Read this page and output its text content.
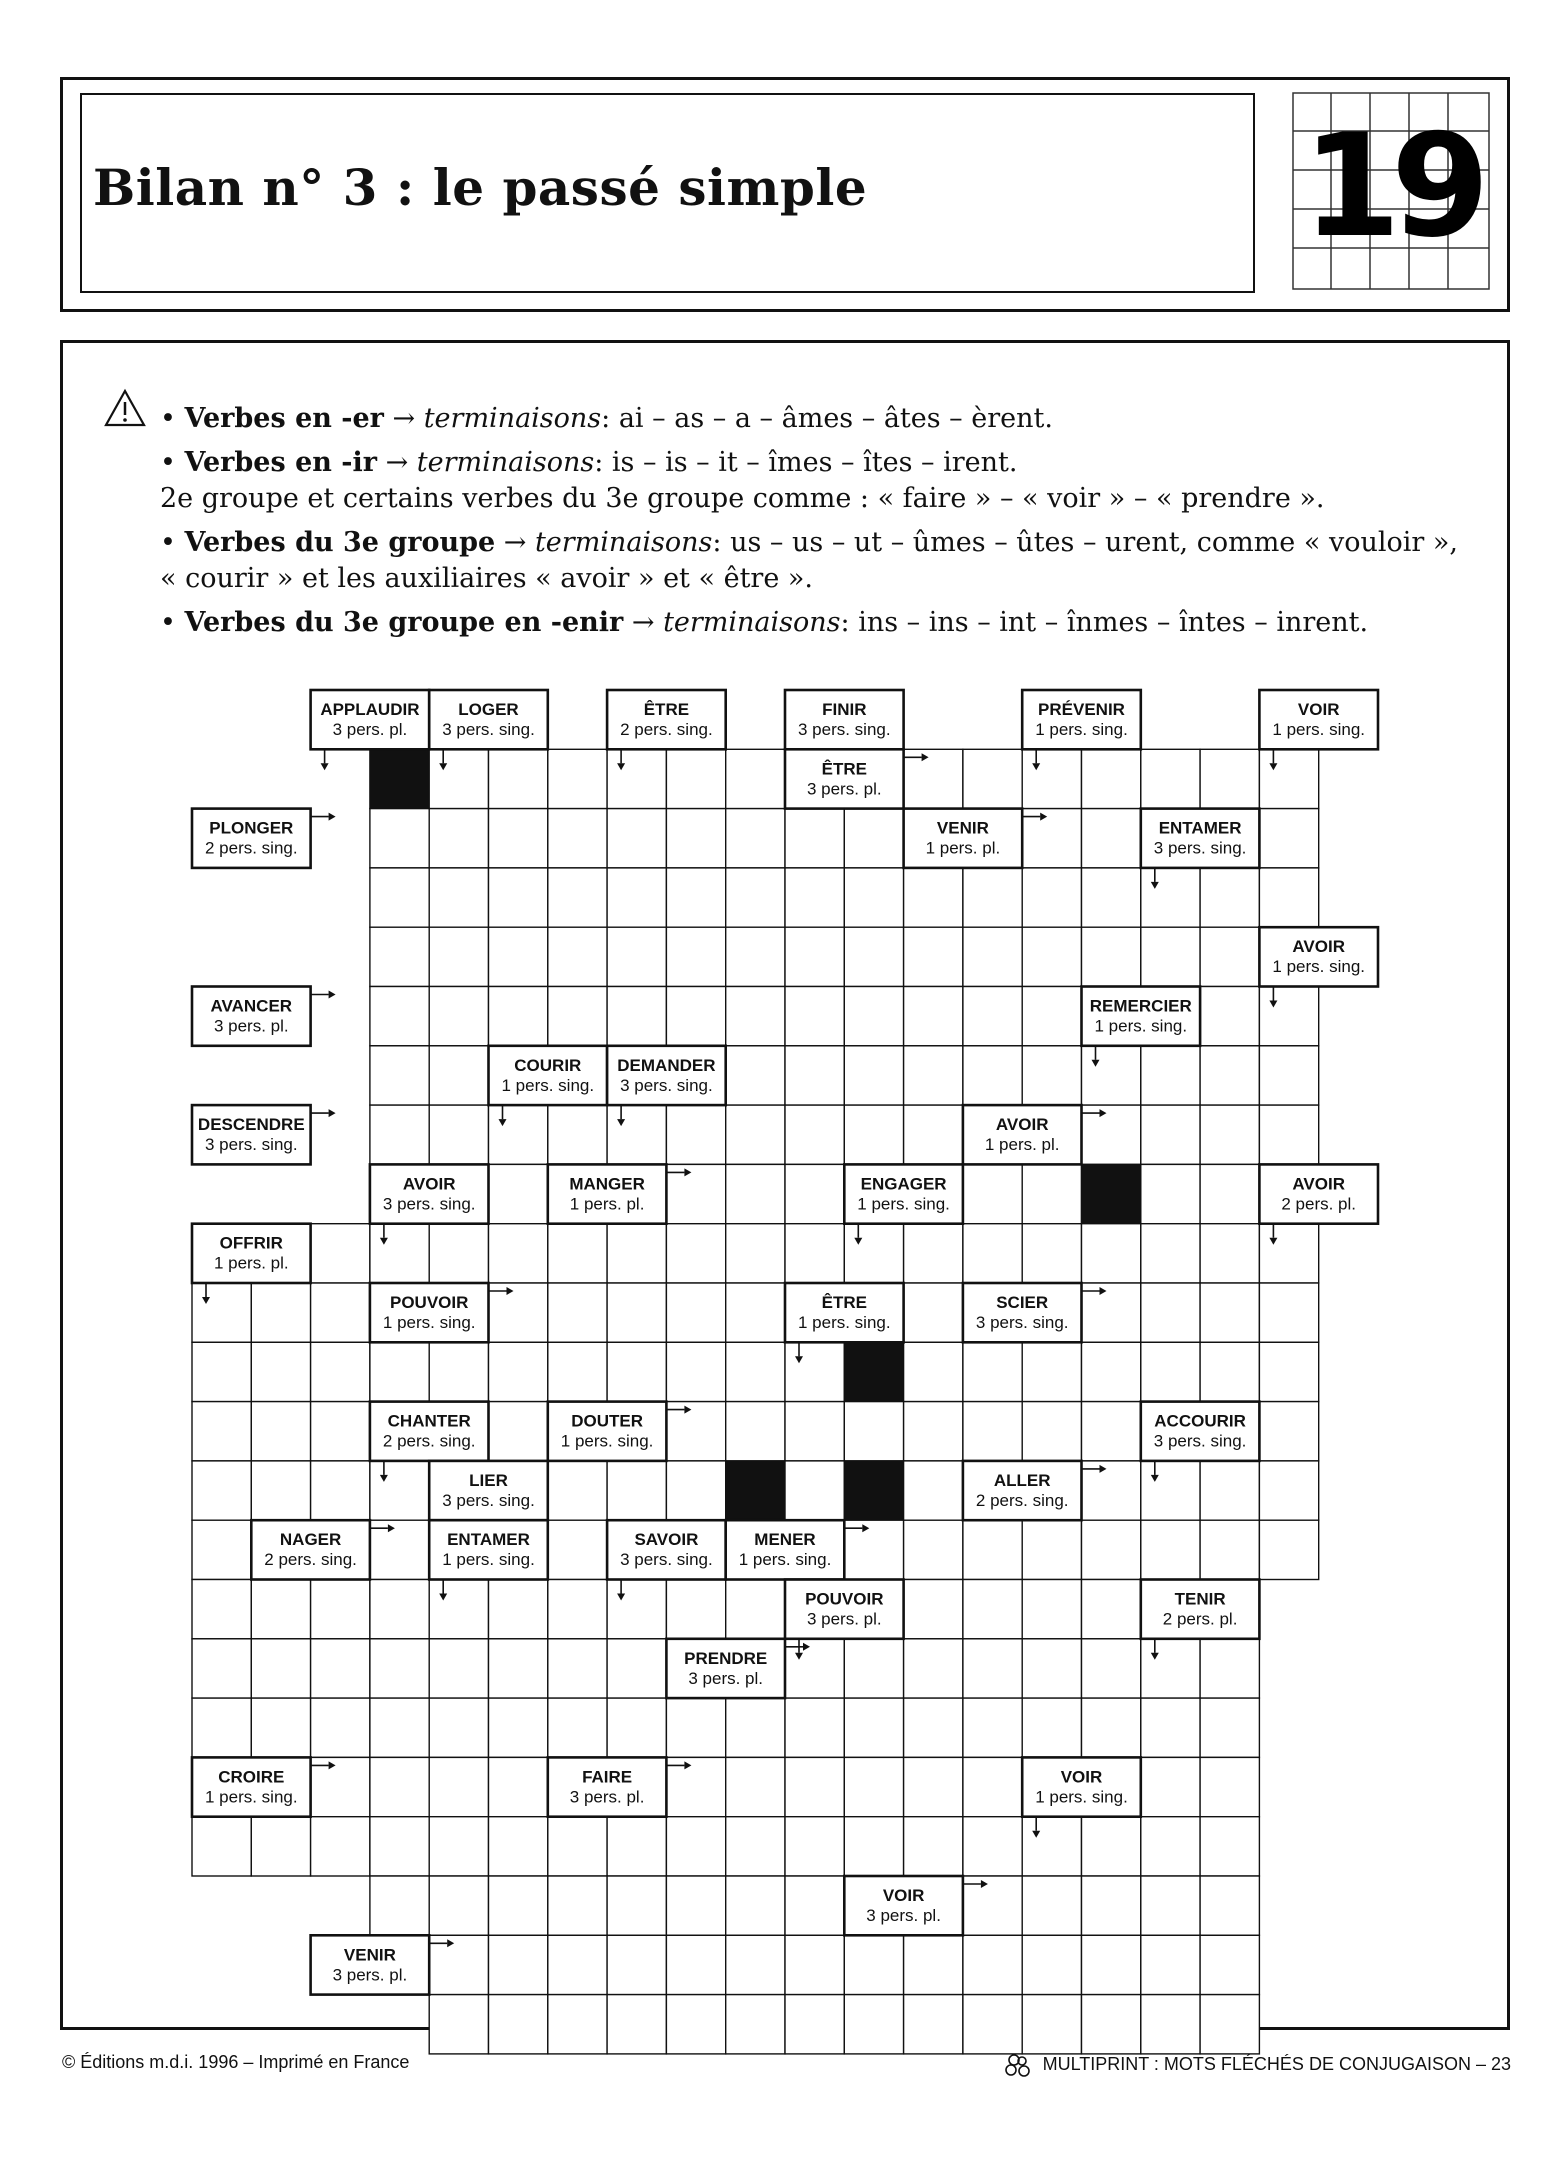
Bilan n° 3 : le passé simple	19
• Verbes en -er → terminaisons: ai – as – a – âmes – âtes – èrent.
• Verbes en -ir → terminaisons: is – is – it – îmes – îtes – irent.
2e groupe et certains verbes du 3e groupe comme : « faire » – « voir » – « prendre ».
• Verbes du 3e groupe → terminaisons: us – us – ut – ûmes – ûtes – urent, comme « vouloir »,
« courir » et les auxiliaires « avoir » et « être ».
• Verbes du 3e groupe en -enir → terminaisons: ins – ins – int – înmes – întes – inrent.
APPLAUDIR
3 pers. pl.
LOGER
3 pers. sing.
ÊTRE
2 pers. sing.
FINIR
3 pers. sing.
PRÉVENIR
1 pers. sing.
VOIR
1 pers. sing.
ÊTRE
3 pers. pl.
PLONGER
2 pers. sing.
VENIR
1 pers. pl.
ENTAMER
3 pers. sing.
AVOIR
1 pers. sing.
AVANCER
3 pers. pl.
REMERCIER
1 pers. sing.
COURIR
1 pers. sing.
DEMANDER
3 pers. sing.
DESCENDRE
3 pers. sing.
AVOIR
1 pers. pl.
AVOIR
3 pers. sing.
MANGER
1 pers. pl.
ENGAGER
1 pers. sing.
AVOIR
2 pers. pl.
OFFRIR
1 pers. pl.
POUVOIR
1 pers. sing.
ÊTRE
1 pers. sing.
SCIER
3 pers. sing.
CHANTER
2 pers. sing.
DOUTER
1 pers. sing.
ACCOURIR
3 pers. sing.
LIER
3 pers. sing.
ALLER
2 pers. sing.
NAGER
2 pers. sing.
ENTAMER
1 pers. sing.
SAVOIR
3 pers. sing.
MENER
1 pers. sing.
POUVOIR
3 pers. pl.
TENIR
2 pers. pl.
PRENDRE
3 pers. pl.
CROIRE
1 pers. sing.
FAIRE
3 pers. pl.
VOIR
1 pers. sing.
VOIR
3 pers. pl.
VENIR
3 pers. pl.
© Éditions m.d.i. 1996 – Imprimé en France	MULTIPRINT : MOTS FLÉCHÉS DE CONJUGAISON – 23
